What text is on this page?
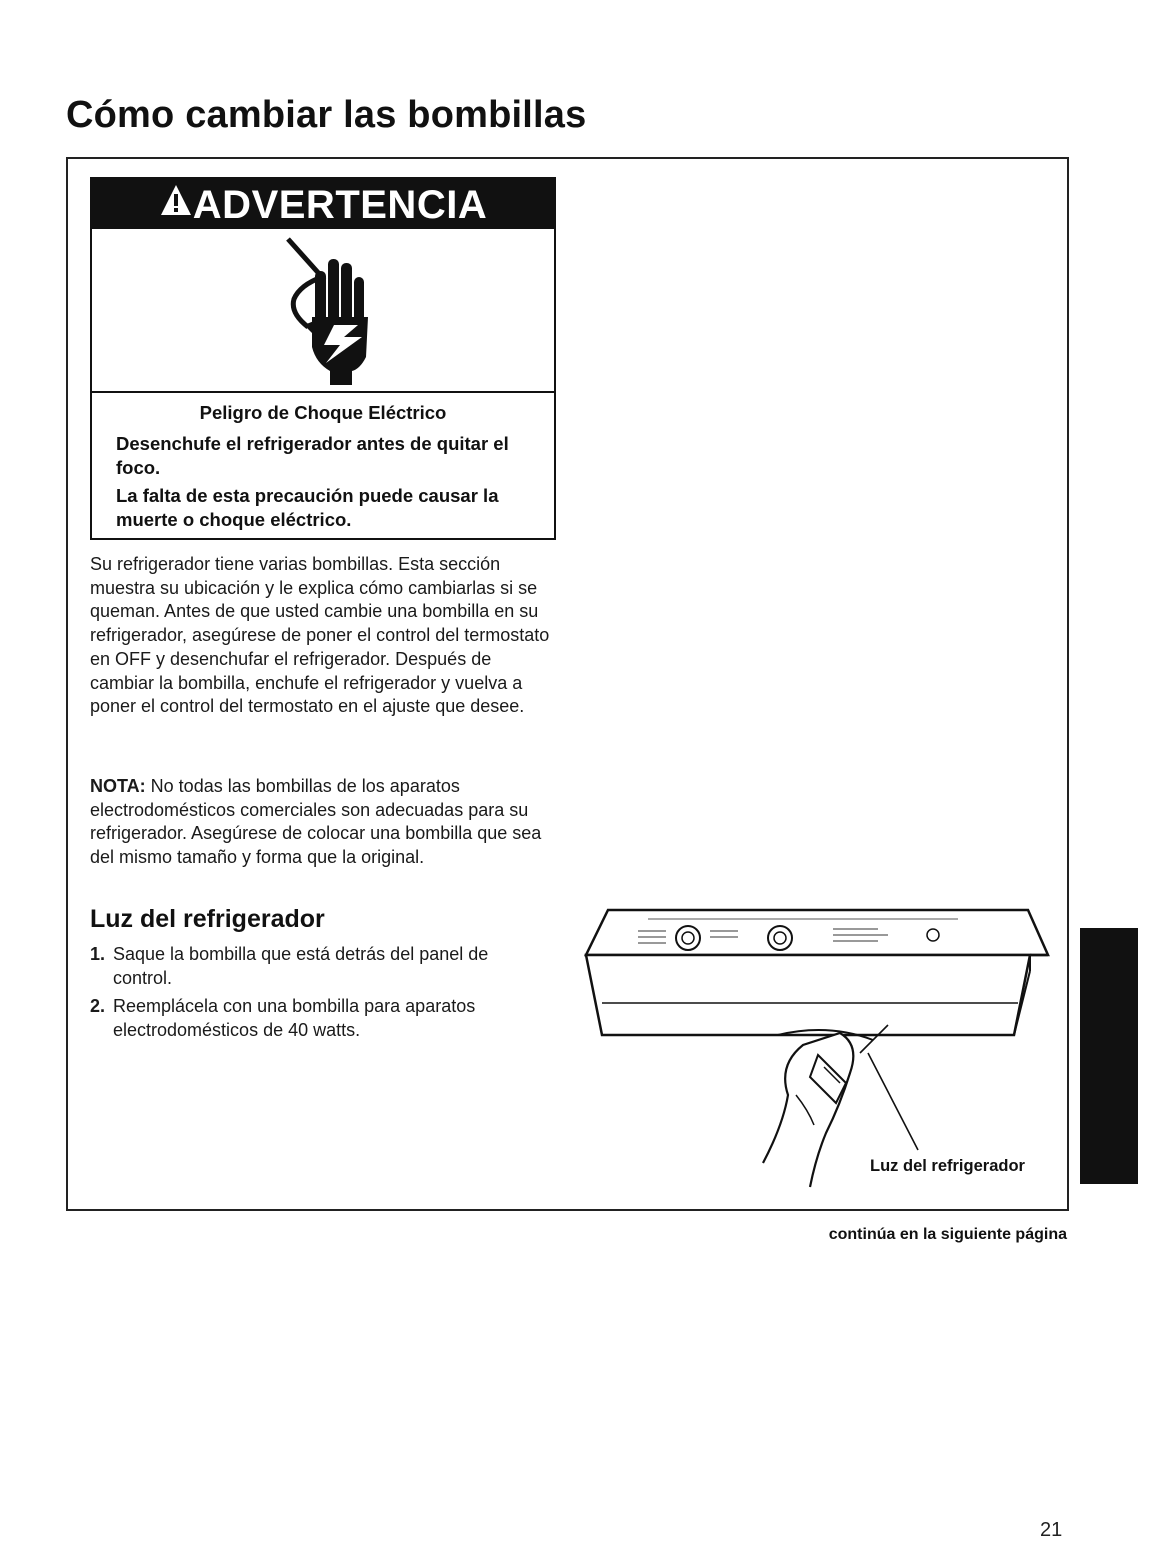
Cómo cambiar las bombillas
ADVERTENCIA
Peligro de Choque Eléctrico
Desenchufe el refrigerador antes de quitar el foco.
La falta de esta precaución puede causar la muerte o choque eléctrico.

Su refrigerador tiene varias bombillas. Esta sección muestra su ubicación y le explica cómo cambiarlas si se queman. Antes de que usted cambie una bombilla en su refrigerador, asegúrese de poner el control del termostato en OFF y desenchufar el refrigerador. Después de cambiar la bombilla, enchufe el refrigerador y vuelva a poner el control del termostato en el ajuste que desee.

NOTA: No todas las bombillas de los aparatos electrodomésticos comerciales son adecuadas para su refrigerador. Asegúrese de colocar una bombilla que sea del mismo tamaño y forma que la original.

Luz del refrigerador
1. Saque la bombilla que está detrás del panel de control.
2. Reemplácela con una bombilla para aparatos electrodomésticos de 40 watts.
Luz del refrigerador
continúa en la siguiente página
21
